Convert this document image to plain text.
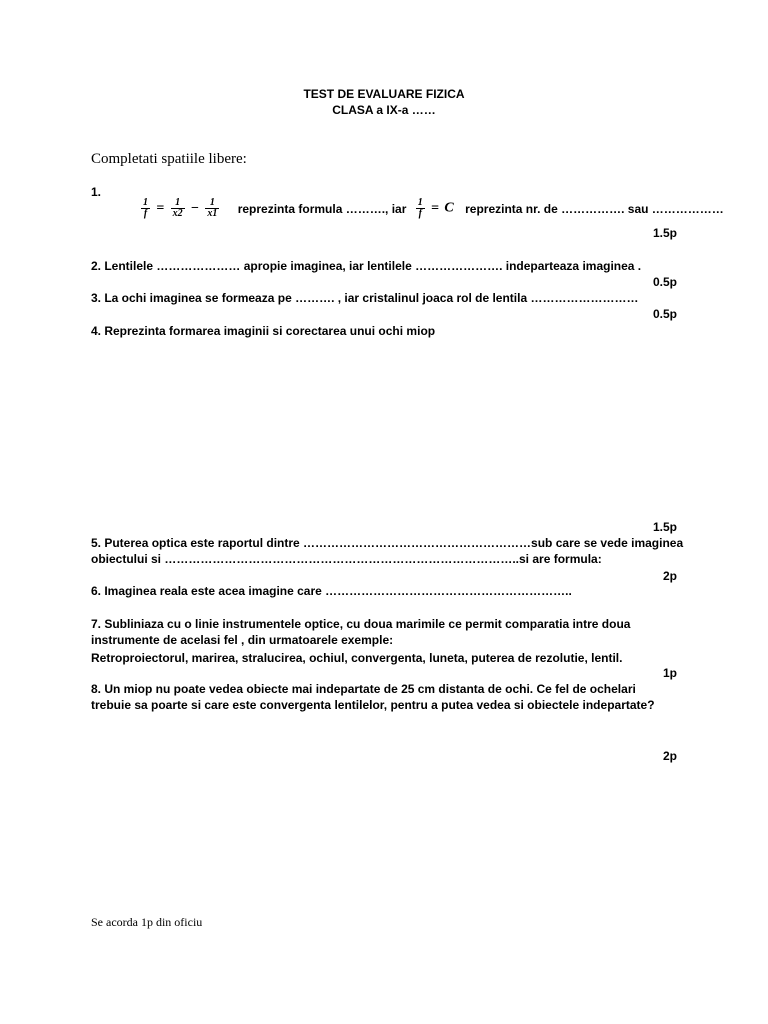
TEST DE EVALUARE FIZICA
CLASA a IX-a ……
Completati spatiile libere:
1.
$\frac{1}{f} = \frac{1}{x2} - \frac{1}{x1}$ reprezinta formula ………., iar $\frac{1}{f} = C$ reprezinta nr. de ……………. sau ………………
1.5p
2. Lentilele ………………… apropie imaginea, iar lentilele …………………. indeparteaza imaginea .
0.5p
3. La ochi imaginea se formeaza pe ………. , iar cristalinul joaca rol de lentila ………………………
0.5p
4. Reprezinta formarea imaginii si corectarea unui ochi miop
1.5p
5. Puterea optica este raportul dintre …………………………………………………sub care se vede imaginea
obiectului si ……………………………………………………………………………..si are formula:
2p
6. Imaginea reala este acea imagine care ……………………………………………………..
7. Subliniaza cu o linie instrumentele optice, cu doua marimile ce permit comparatia intre doua
instrumente de acelasi fel , din urmatoarele exemple:
Retroproiectorul, marirea, stralucirea, ochiul, convergenta, luneta, puterea de rezolutie, lentil.
1p
8. Un miop nu poate vedea obiecte mai indepartate de 25 cm distanta de ochi. Ce fel de ochelari
trebuie sa poarte si care este convergenta lentilelor, pentru a putea vedea si obiectele indepartate?
2p
Se acorda 1p din oficiu
